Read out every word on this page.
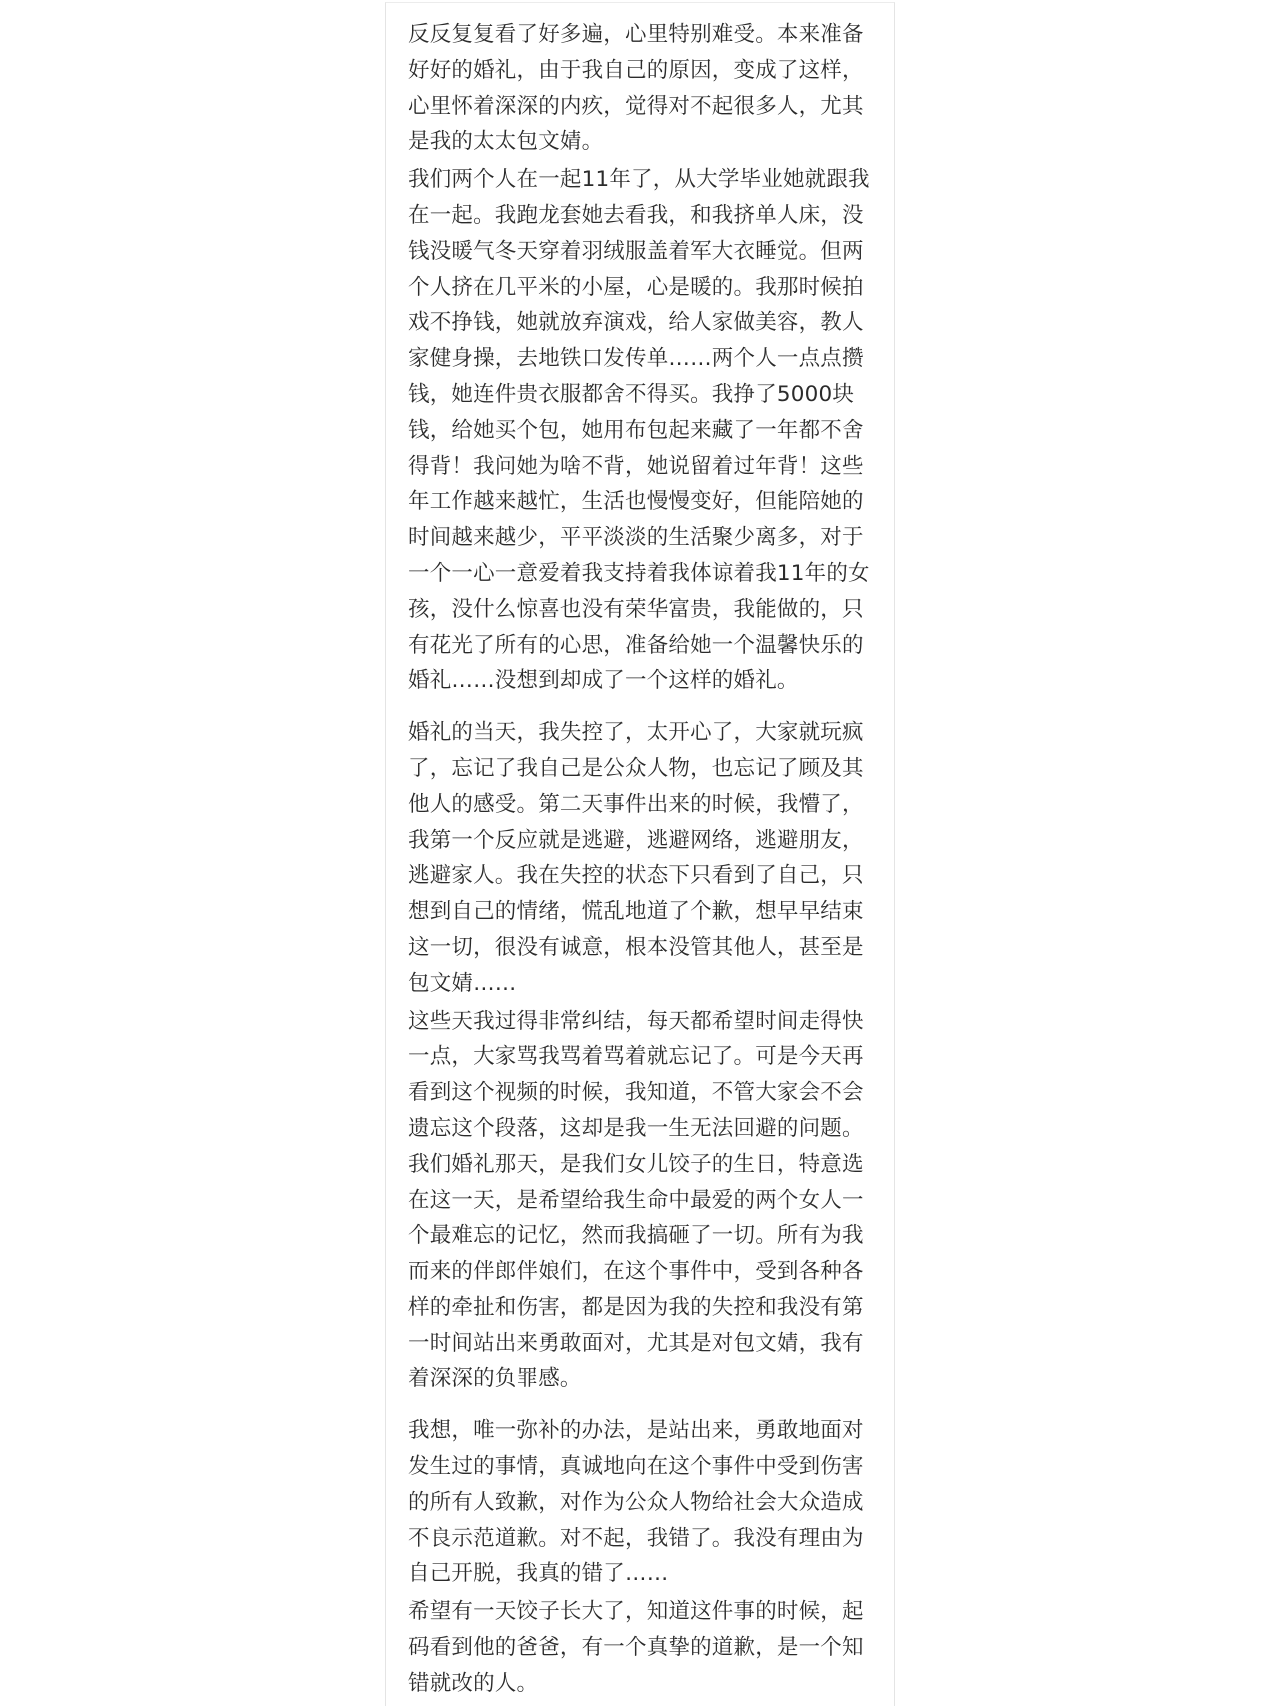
反反复复看了好多遍，心里特别难受。本来准备好好的婚礼，由于我自己的原因，变成了这样，心里怀着深深的内疚，觉得对不起很多人，尤其是我的太太包文婧。

我们两个人在一起11年了，从大学毕业她就跟我在一起。我跑龙套她去看我，和我挤单人床，没钱没暖气冬天穿着羽绒服盖着军大衣睡觉。但两个人挤在几平米的小屋，心是暖的。我那时候拍戏不挣钱，她就放弃演戏，给人家做美容，教人家健身操，去地铁口发传单……两个人一点点攒钱，她连件贵衣服都舍不得买。我挣了5000块钱，给她买个包，她用布包起来藏了一年都不舍得背！我问她为啥不背，她说留着过年背！这些年工作越来越忙，生活也慢慢变好，但能陪她的时间越来越少，平平淡淡的生活聚少离多，对于一个一心一意爱着我支持着我体谅着我11年的女孩，没什么惊喜也没有荣华富贵，我能做的，只有花光了所有的心思，准备给她一个温馨快乐的婚礼……没想到却成了一个这样的婚礼。

婚礼的当天，我失控了，太开心了，大家就玩疯了，忘记了我自己是公众人物，也忘记了顾及其他人的感受。第二天事件出来的时候，我懵了，我第一个反应就是逃避，逃避网络，逃避朋友，逃避家人。我在失控的状态下只看到了自己，只想到自己的情绪，慌乱地道了个歉，想早早结束这一切，很没有诚意，根本没管其他人，甚至是包文婧……

这些天我过得非常纠结，每天都希望时间走得快一点，大家骂我骂着骂着就忘记了。可是今天再看到这个视频的时候，我知道，不管大家会不会遗忘这个段落，这却是我一生无法回避的问题。我们婚礼那天，是我们女儿饺子的生日，特意选在这一天，是希望给我生命中最爱的两个女人一个最难忘的记忆，然而我搞砸了一切。所有为我而来的伴郎伴娘们，在这个事件中，受到各种各样的牵扯和伤害，都是因为我的失控和我没有第一时间站出来勇敢面对，尤其是对包文婧，我有着深深的负罪感。

我想，唯一弥补的办法，是站出来，勇敢地面对发生过的事情，真诚地向在这个事件中受到伤害的所有人致歉，对作为公众人物给社会大众造成不良示范道歉。对不起，我错了。我没有理由为自己开脱，我真的错了……

希望有一天饺子长大了，知道这件事的时候，起码看到他的爸爸，有一个真挚的道歉，是一个知错就改的人。
